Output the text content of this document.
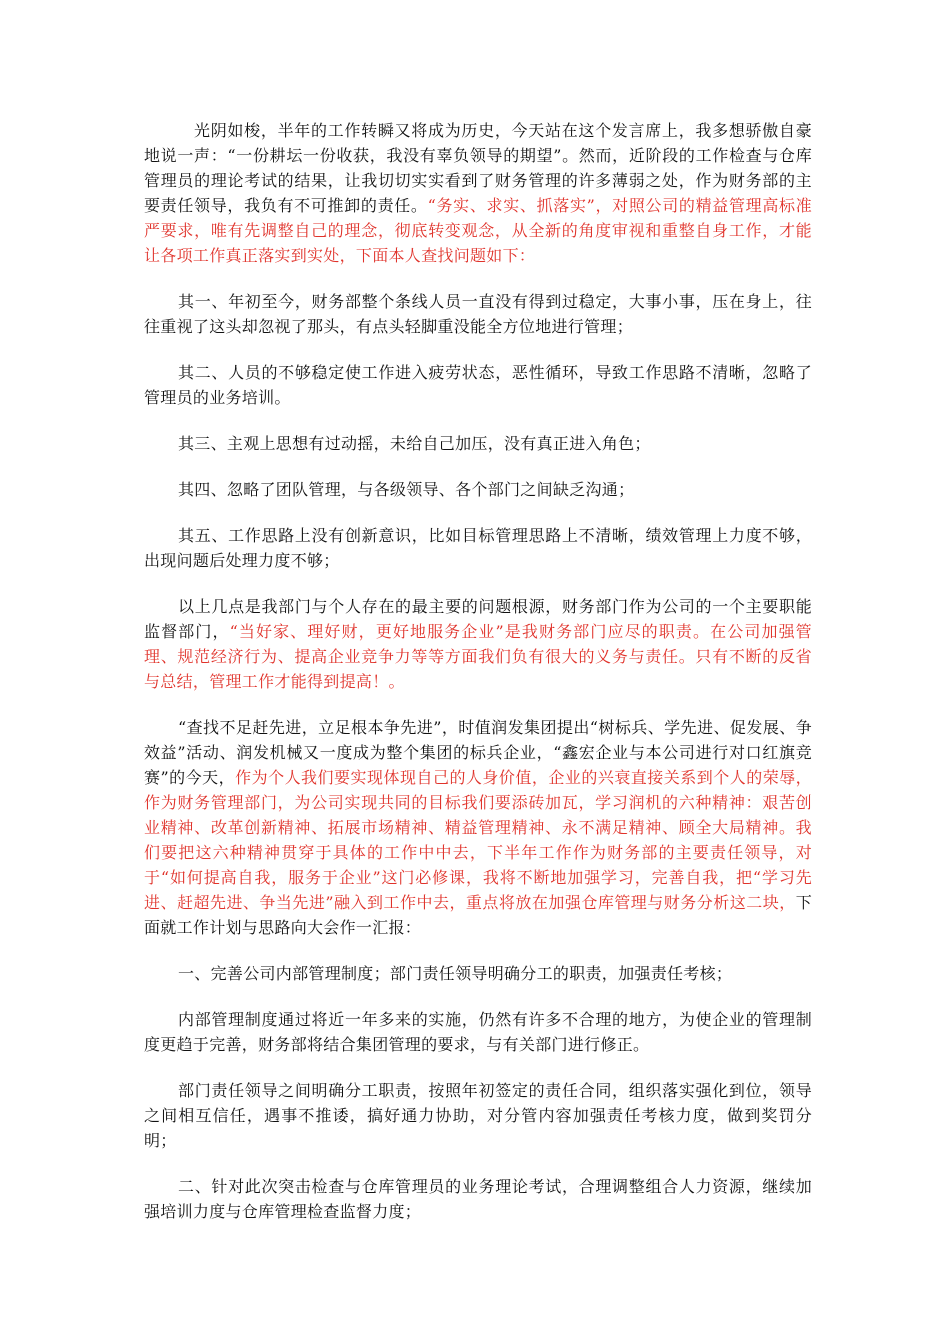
光阴如梭，半年的工作转瞬又将成为历史，今天站在这个发言席上，我多想骄傲自豪地说一声：“一份耕坛一份收获，我没有辜负领导的期望”。然而，近阶段的工作检查与仓库管理员的理论考试的结果，让我切切实实看到了财务管理的许多薄弱之处，作为财务部的主要责任领导，我负有不可推卸的责任。“务实、求实、抓落实”，对照公司的精益管理高标准严要求，唯有先调整自己的理念，彻底转变观念，从全新的角度审视和重整自身工作，才能让各项工作真正落实到实处，下面本人查找问题如下：

其一、年初至今，财务部整个条线人员一直没有得到过稳定，大事小事，压在身上，往往重视了这头却忽视了那头，有点头轻脚重没能全方位地进行管理；

其二、人员的不够稳定使工作进入疲劳状态，恶性循环，导致工作思路不清晰，忽略了管理员的业务培训。

其三、主观上思想有过动摇，未给自己加压，没有真正进入角色；

其四、忽略了团队管理，与各级领导、各个部门之间缺乏沟通；

其五、工作思路上没有创新意识，比如目标管理思路上不清晰，绩效管理上力度不够，出现问题后处理力度不够；

以上几点是我部门与个人存在的最主要的问题根源，财务部门作为公司的一个主要职能监督部门，“当好家、理好财，更好地服务企业”是我财务部门应尽的职责。在公司加强管理、规范经济行为、提高企业竞争力等等方面我们负有很大的义务与责任。只有不断的反省与总结，管理工作才能得到提高！。

“查找不足赶先进，立足根本争先进”，时值润发集团提出“树标兵、学先进、促发展、争效益”活动、润发机械又一度成为整个集团的标兵企业，“鑫宏企业与本公司进行对口红旗竞赛”的今天，作为个人我们要实现体现自己的人身价值，企业的兴衰直接关系到个人的荣辱，作为财务管理部门，为公司实现共同的目标我们要添砖加瓦，学习润机的六种精神：艰苦创业精神、改革创新精神、拓展市场精神、精益管理精神、永不满足精神、顾全大局精神。我们要把这六种精神贯穿于具体的工作中中去，下半年工作作为财务部的主要责任领导，对于“如何提高自我，服务于企业”这门必修课，我将不断地加强学习，完善自我，把“学习先进、赶超先进、争当先进”融入到工作中去，重点将放在加强仓库管理与财务分析这二块，下面就工作计划与思路向大会作一汇报：

一、完善公司内部管理制度；部门责任领导明确分工的职责，加强责任考核；

内部管理制度通过将近一年多来的实施，仍然有许多不合理的地方，为使企业的管理制度更趋于完善，财务部将结合集团管理的要求，与有关部门进行修正。

部门责任领导之间明确分工职责，按照年初签定的责任合同，组织落实强化到位，领导之间相互信任，遇事不推诿，搞好通力协助，对分管内容加强责任考核力度，做到奖罚分明；

二、针对此次突击检查与仓库管理员的业务理论考试，合理调整组合人力资源，继续加强培训力度与仓库管理检查监督力度；
